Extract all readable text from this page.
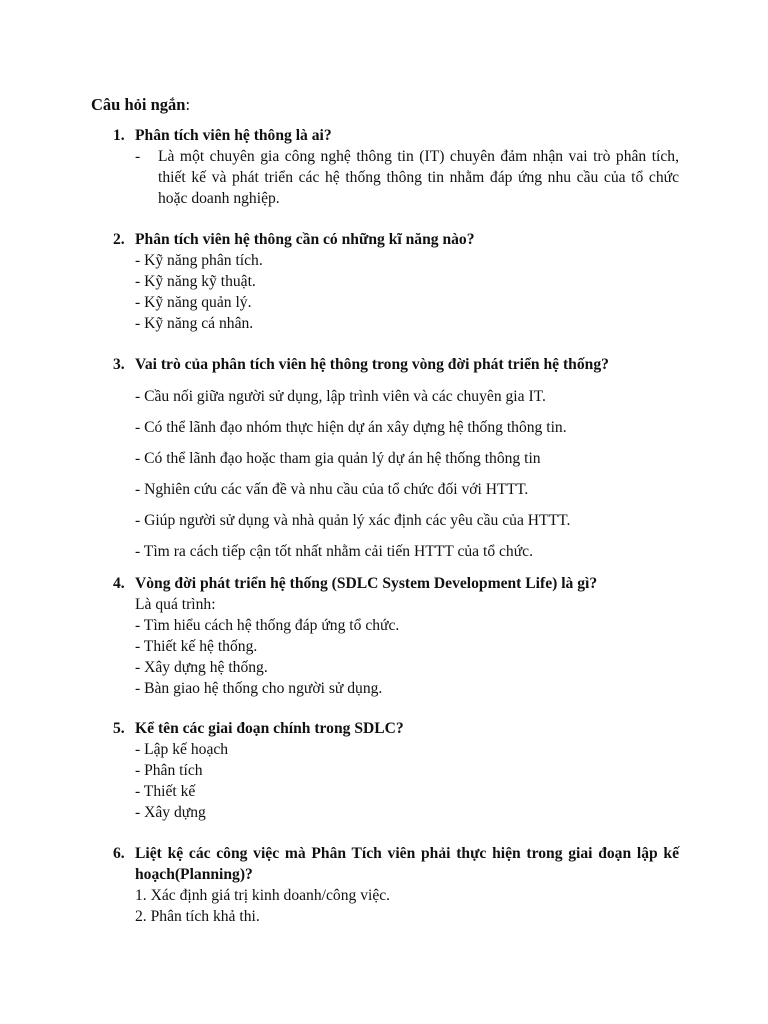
Câu hỏi ngắn:
1. Phân tích viên hệ thông là ai?
-	Là một chuyên gia công nghệ thông tin (IT) chuyên đảm nhận vai trò phân tích, thiết kế và phát triển các hệ thống thông tin nhằm đáp ứng nhu cầu của tổ chức hoặc doanh nghiệp.
2. Phân tích viên hệ thông cần có những kĩ năng nào?
- Kỹ năng phân tích.
- Kỹ năng kỹ thuật.
- Kỹ năng quản lý.
- Kỹ năng cá nhân.
3. Vai trò của phân tích viên hệ thông trong vòng đời phát triển hệ thống?
- Cầu nối giữa người sử dụng, lập trình viên và các chuyên gia IT.
- Có thể lãnh đạo nhóm thực hiện dự án xây dựng hệ thống thông tin.
- Có thể lãnh đạo hoặc tham gia quản lý dự án hệ thống thông tin
- Nghiên cứu các vấn đề và nhu cầu của tổ chức đối với HTTT.
- Giúp người sử dụng và nhà quản lý xác định các yêu cầu của HTTT.
- Tìm ra cách tiếp cận tốt nhất nhằm cải tiến HTTT của tổ chức.
4. Vòng đời phát triển hệ thống (SDLC System Development Life) là gì?
Là quá trình:
- Tìm hiểu cách hệ thống đáp ứng tổ chức.
- Thiết kế hệ thống.
- Xây dựng hệ thống.
- Bàn giao hệ thống cho người sử dụng.
5. Kể tên các giai đoạn chính trong SDLC?
- Lập kế hoạch
- Phân tích
- Thiết kế
- Xây dựng
6. Liệt kệ các công việc mà Phân Tích viên phải thực hiện trong giai đoạn lập kế hoạch(Planning)?
1. Xác định giá trị kinh doanh/công việc.
2. Phân tích khả thi.
